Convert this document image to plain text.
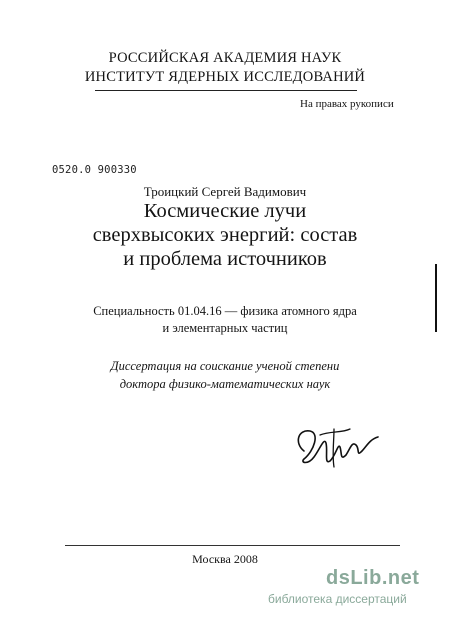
РОССИЙСКАЯ АКАДЕМИЯ НАУК
ИНСТИТУТ ЯДЕРНЫХ ИССЛЕДОВАНИЙ
На правах рукописи
0520.0 900330
Троицкий Сергей Вадимович
Космические лучи
сверхвысоких энергий: состав
и проблема источников
Специальность 01.04.16 — физика атомного ядра
и элементарных частиц
Диссертация на соискание ученой степени
доктора физико-математических наук
Москва 2008
dsLib.net
библиотека диссертаций
